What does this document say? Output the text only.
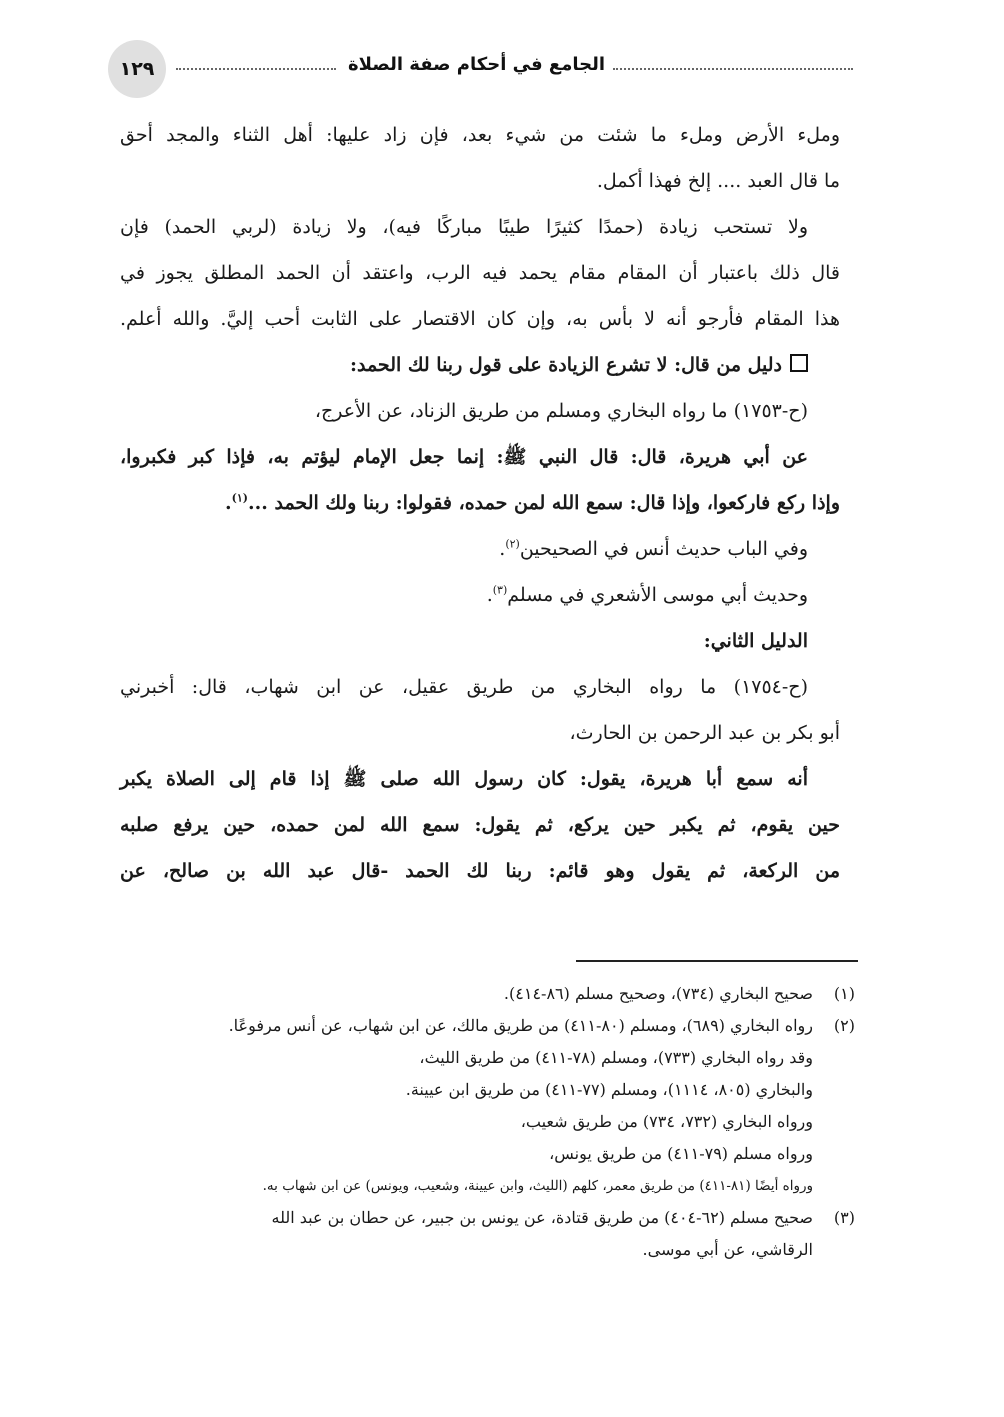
١٢٩	الجامع في أحكام صفة الصلاة
وملء الأرض وملء ما شئت من شيء بعد، فإن زاد عليها: أهل الثناء والمجد أحق
ما قال العبد .... إلخ فهذا أكمل.
ولا تستحب زيادة (حمدًا كثيرًا طيبًا مباركًا فيه)، ولا زيادة (لربي الحمد) فإن
قال ذلك باعتبار أن المقام مقام يحمد فيه الرب، واعتقد أن الحمد المطلق يجوز في
هذا المقام فأرجو أنه لا بأس به، وإن كان الاقتصار على الثابت أحب إليَّ. والله أعلم.
دليل من قال: لا تشرع الزيادة على قول ربنا لك الحمد:
(ح-١٧٥٣) ما رواه البخاري ومسلم من طريق الزناد، عن الأعرج،
عن أبي هريرة، قال: قال النبي ﷺ: إنما جعل الإمام ليؤتم به، فإذا كبر فكبروا،
وإذا ركع فاركعوا، وإذا قال: سمع الله لمن حمده، فقولوا: ربنا ولك الحمد ...$^{(١)}$.
وفي الباب حديث أنس في الصحيحين$^{(٢)}$.
وحديث أبي موسى الأشعري في مسلم$^{(٣)}$.
الدليل الثاني:
(ح-١٧٥٤) ما رواه البخاري من طريق عقيل، عن ابن شهاب، قال: أخبرني
أبو بكر بن عبد الرحمن بن الحارث،
أنه سمع أبا هريرة، يقول: كان رسول الله صلى ﷺ إذا قام إلى الصلاة يكبر
حين يقوم، ثم يكبر حين يركع، ثم يقول: سمع الله لمن حمده، حين يرفع صلبه
من الركعة، ثم يقول وهو قائم: ربنا لك الحمد -قال عبد الله بن صالح، عن
(١)
صحيح البخاري (٧٣٤)، وصحيح مسلم (٨٦-٤١٤).
(٢)
رواه البخاري (٦٨٩)، ومسلم (٨٠-٤١١) من طريق مالك، عن ابن شهاب، عن أنس مرفوعًا.
وقد رواه البخاري (٧٣٣)، ومسلم (٧٨-٤١١) من طريق الليث،
والبخاري (٨٠٥، ١١١٤)، ومسلم (٧٧-٤١١) من طريق ابن عيينة.
ورواه البخاري (٧٣٢، ٧٣٤) من طريق شعيب،
ورواه مسلم (٧٩-٤١١) من طريق يونس،
ورواه أيضًا (٨١-٤١١) من طريق معمر، كلهم (الليث، وابن عيينة، وشعيب، ويونس) عن ابن شهاب به.
(٣)
صحيح مسلم (٦٢-٤٠٤) من طريق قتادة، عن يونس بن جبير، عن حطان بن عبد الله
الرقاشي، عن أبي موسى.
